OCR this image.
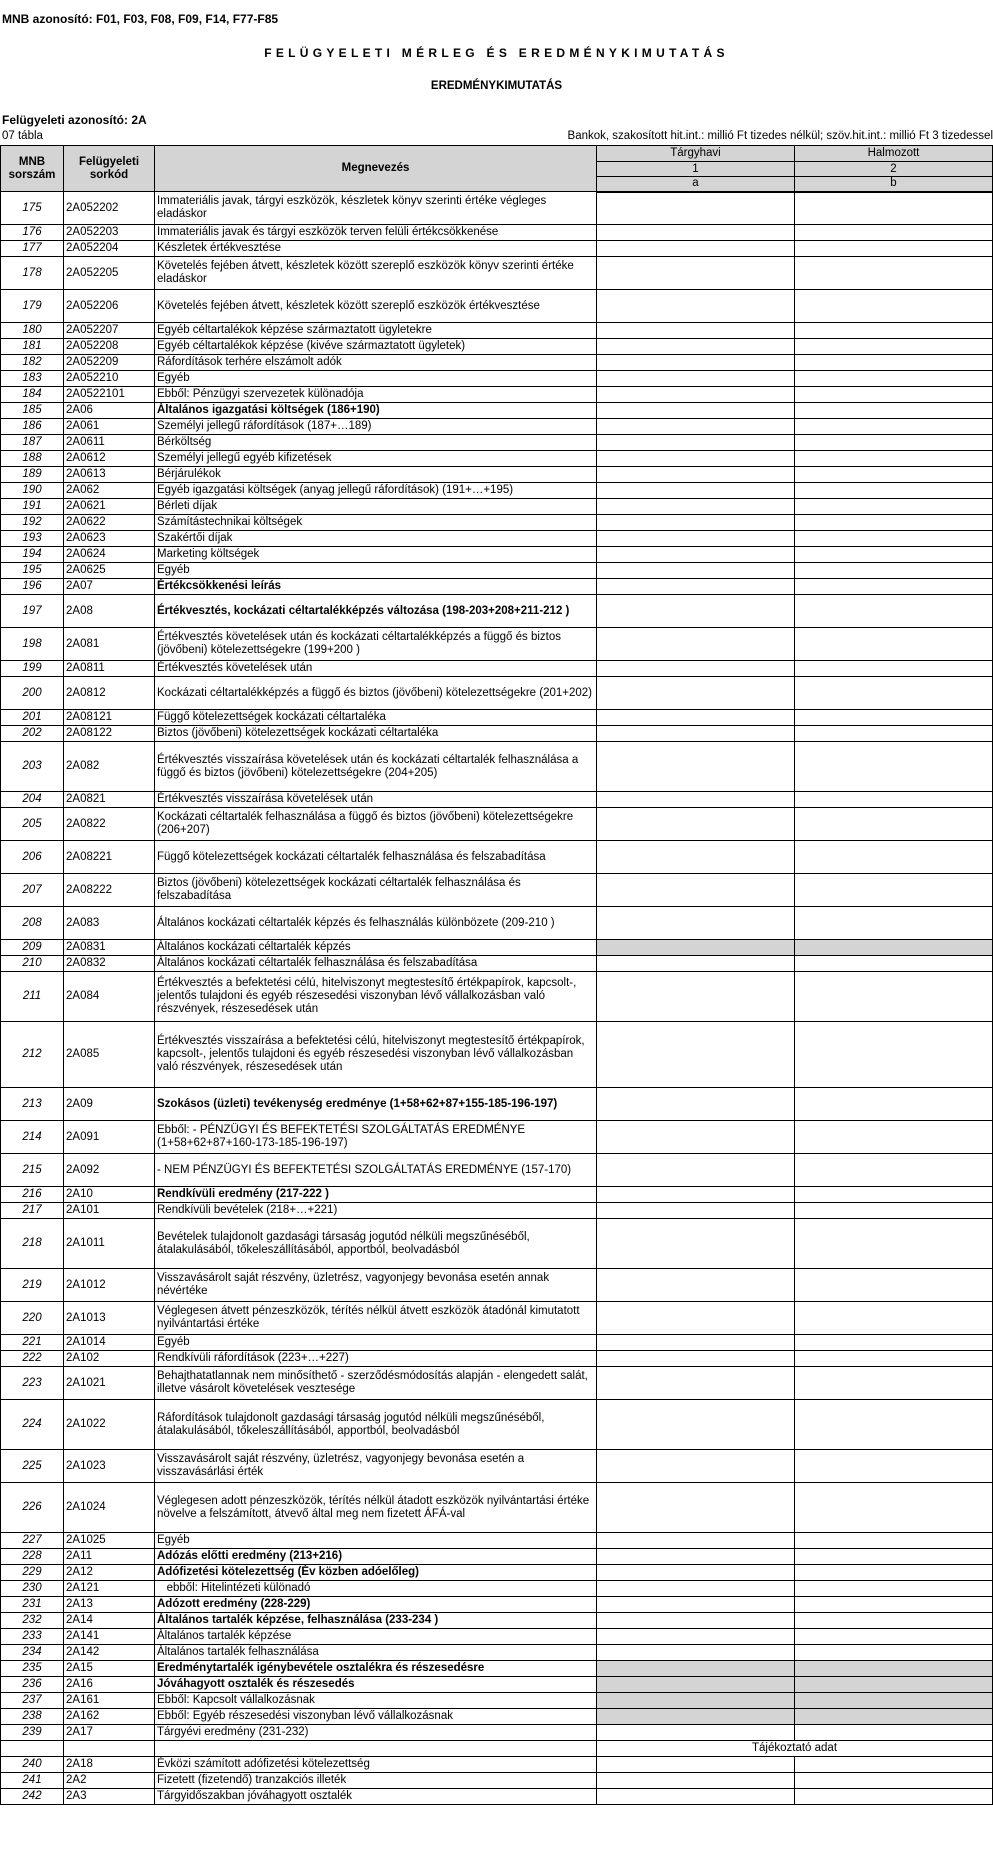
MNB azonosító: F01, F03, F08, F09, F14, F77-F85
FELÜGYELETI MÉRLEG ÉS EREDMÉNYKIMUTATÁS
EREDMÉNYKIMUTATÁS
Felügyeleti azonosító: 2A
07 tábla	Bankok, szakosított hit.int.: millió Ft tizedes nélkül; szöv.hit.int.: millió Ft 3 tizedessel
MNB sorszám	Felügyeleti sorkód	Megnevezés	Tárgyhavi	Halmozott
			1	2
			a	b
175	2A052202	Immateriális javak, tárgyi eszközök, készletek könyv szerinti értéke végleges eladáskor		
176	2A052203	Immateriális javak és tárgyi eszközök terven felüli értékcsökkenése		
177	2A052204	Készletek értékvesztése		
178	2A052205	Követelés fejében átvett, készletek között szereplő eszközök könyv szerinti értéke eladáskor		
179	2A052206	Követelés fejében átvett, készletek között szereplő eszközök értékvesztése		
180	2A052207	Egyéb céltartalékok képzése származtatott ügyletekre		
181	2A052208	Egyéb céltartalékok képzése (kivéve származtatott ügyletek)		
182	2A052209	Ráfordítások terhére elszámolt adók		
183	2A052210	Egyéb		
184	2A0522101	Ebből: Pénzügyi szervezetek különadója		
185	2A06	Általános igazgatási költségek (186+190)		
186	2A061	Személyi jellegű ráfordítások (187+…189)		
187	2A0611	Bérköltség		
188	2A0612	Személyi jellegű egyéb kifizetések		
189	2A0613	Bérjárulékok		
190	2A062	Egyéb igazgatási költségek (anyag jellegű ráfordítások) (191+…+195)		
191	2A0621	Bérleti díjak		
192	2A0622	Számítástechnikai költségek		
193	2A0623	Szakértői díjak		
194	2A0624	Marketing költségek		
195	2A0625	Egyéb		
196	2A07	Értékcsökkenési leírás		
197	2A08	Értékvesztés, kockázati céltartalékképzés változása (198-203+208+211-212 )		
198	2A081	Értékvesztés követelések után és kockázati céltartalékképzés a függő és biztos (jövőbeni) kötelezettségekre (199+200 )		
199	2A0811	Értékvesztés követelések után		
200	2A0812	Kockázati céltartalékképzés a függő és biztos (jövőbeni) kötelezettségekre (201+202)		
201	2A08121	Függő kötelezettségek kockázati céltartaléka		
202	2A08122	Biztos (jövőbeni) kötelezettségek kockázati céltartaléka		
203	2A082	Értékvesztés visszaírása követelések után és kockázati céltartalék felhasználása a függő és biztos (jövőbeni) kötelezettségekre (204+205)		
204	2A0821	Értékvesztés visszaírása követelések után		
205	2A0822	Kockázati céltartalék felhasználása a függő és biztos (jövőbeni) kötelezettségekre (206+207)		
206	2A08221	Függő kötelezettségek kockázati céltartalék felhasználása és felszabadítása		
207	2A08222	Biztos (jövőbeni) kötelezettségek kockázati céltartalék felhasználása és felszabadítása		
208	2A083	Általános kockázati céltartalék képzés és felhasználás különbözete (209-210 )		
209	2A0831	Általános kockázati céltartalék képzés		
210	2A0832	Általános kockázati céltartalék felhasználása és felszabadítása		
211	2A084	Értékvesztés a befektetési célú, hitelviszonyt megtestesítő értékpapírok, kapcsolt-,  jelentős tulajdoni és egyéb részesedési viszonyban lévő vállalkozásban való részvények, részesedések után		
212	2A085	Értékvesztés visszaírása a befektetési célú, hitelviszonyt megtestesítő értékpapírok, kapcsolt-, jelentős tulajdoni és egyéb részesedési viszonyban lévő vállalkozásban való részvények, részesedések után		
213	2A09	Szokásos (üzleti) tevékenység eredménye (1+58+62+87+155-185-196-197)		
214	2A091	Ebből: - PÉNZÜGYI ÉS BEFEKTETÉSI SZOLGÁLTATÁS EREDMÉNYE (1+58+62+87+160-173-185-196-197)		
215	2A092	- NEM PÉNZÜGYI ÉS BEFEKTETÉSI SZOLGÁLTATÁS EREDMÉNYE (157-170)		
216	2A10	Rendkívüli eredmény (217-222 )		
217	2A101	Rendkívüli bevételek (218+…+221)		
218	2A1011	Bevételek tulajdonolt gazdasági társaság jogutód nélküli megszűnéséből, átalakulásából, tőkeleszállításából, apportból, beolvadásból		
219	2A1012	Visszavásárolt saját részvény, üzletrész, vagyonjegy bevonása esetén annak névértéke		
220	2A1013	Véglegesen átvett pénzeszközök, térítés nélkül átvett eszközök átadónál kimutatott nyilvántartási értéke		
221	2A1014	Egyéb		
222	2A102	Rendkívüli ráfordítások (223+…+227)		
223	2A1021	Behajthatatlannak nem minősíthető - szerződésmódosítás alapján - elengedett salát, illetve vásárolt követelések vesztesége		
224	2A1022	Ráfordítások tulajdonolt gazdasági társaság jogutód nélküli megszűnéséből, átalakulásából, tőkeleszállításából, apportból, beolvadásból		
225	2A1023	Visszavásárolt saját részvény, üzletrész, vagyonjegy bevonása esetén a visszavásárlási érték		
226	2A1024	Véglegesen adott pénzeszközök, térítés nélkül átadott eszközök nyilvántartási értéke növelve a felszámított, átvevő által meg nem fizetett ÁFÁ-val		
227	2A1025	Egyéb		
228	2A11	Adózás előtti eredmény (213+216)		
229	2A12	Adófizetési kötelezettség (Év közben adóelőleg)		
230	2A121	ebből: Hitelintézeti különadó		
231	2A13	Adózott eredmény (228-229)		
232	2A14	Általános tartalék képzése, felhasználása (233-234 )		
233	2A141	Általános tartalék képzése		
234	2A142	Általános tartalék felhasználása		
235	2A15	Eredménytartalék igénybevétele osztalékra és részesedésre		
236	2A16	Jóváhagyott osztalék és részesedés		
237	2A161	Ebből: Kapcsolt vállalkozásnak		
238	2A162	Ebből: Egyéb részesedési viszonyban lévő vállalkozásnak		
239	2A17	Tárgyévi eredmény (231-232)		
			Tájékoztató adat	
240	2A18	Évközi számított adófizetési kötelezettség		
241	2A2	Fizetett (fizetendő) tranzakciós illeték		
242	2A3	Tárgyidőszakban jóváhagyott osztalék		
